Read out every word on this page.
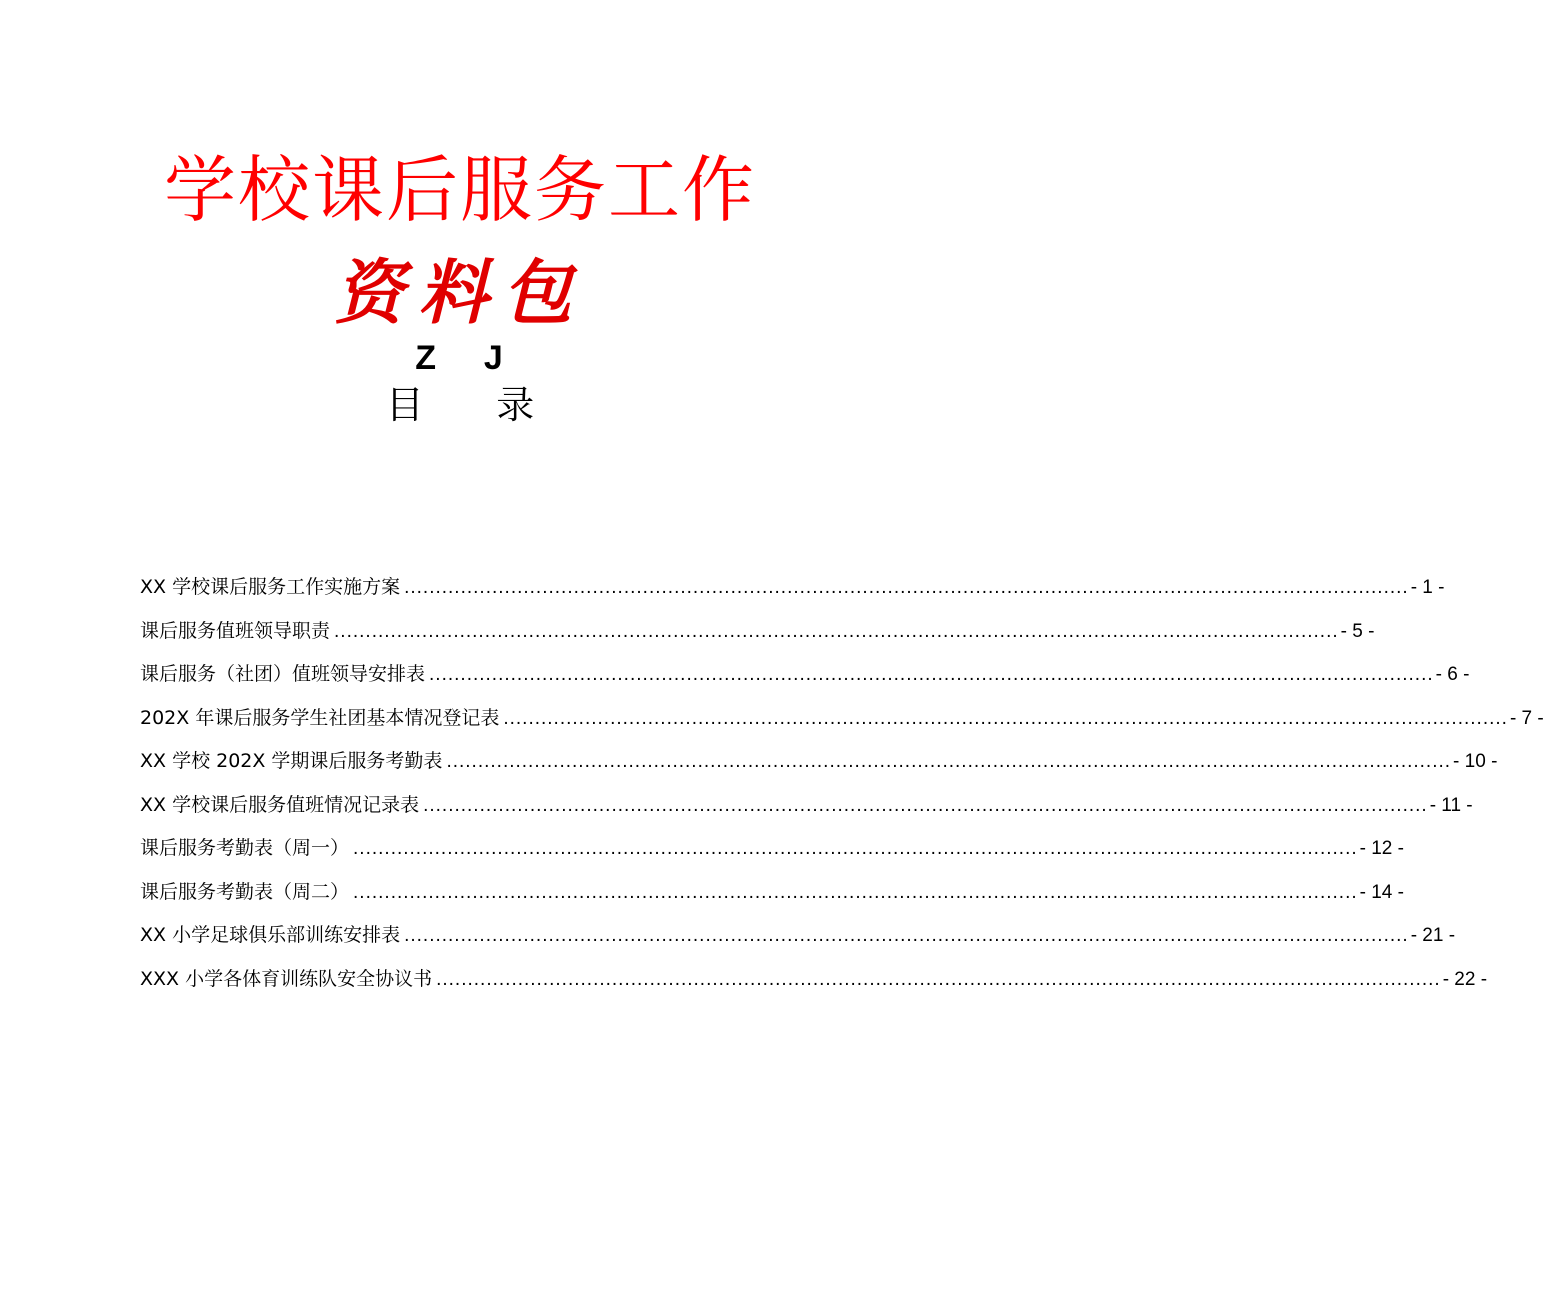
学校课后服务工作
资料包
Z    J
目      录
XX 学校课后服务工作实施方案 ................................................................................................................................................................ - 1 -
课后服务值班领导职责 ................................................................................................................................................................ - 5 -
课后服务（社团）值班领导安排表 ................................................................................................................................................................ - 6 -
202X 年课后服务学生社团基本情况登记表 ................................................................................................................................................................ - 7 -
XX 学校 202X 学期课后服务考勤表 ................................................................................................................................................................ - 10 -
XX 学校课后服务值班情况记录表 ................................................................................................................................................................ - 11 -
课后服务考勤表（周一） ................................................................................................................................................................ - 12 -
课后服务考勤表（周二） ................................................................................................................................................................ - 14 -
XX 小学足球俱乐部训练安排表 ................................................................................................................................................................ - 21 -
XXX 小学各体育训练队安全协议书 ................................................................................................................................................................ - 22 -
